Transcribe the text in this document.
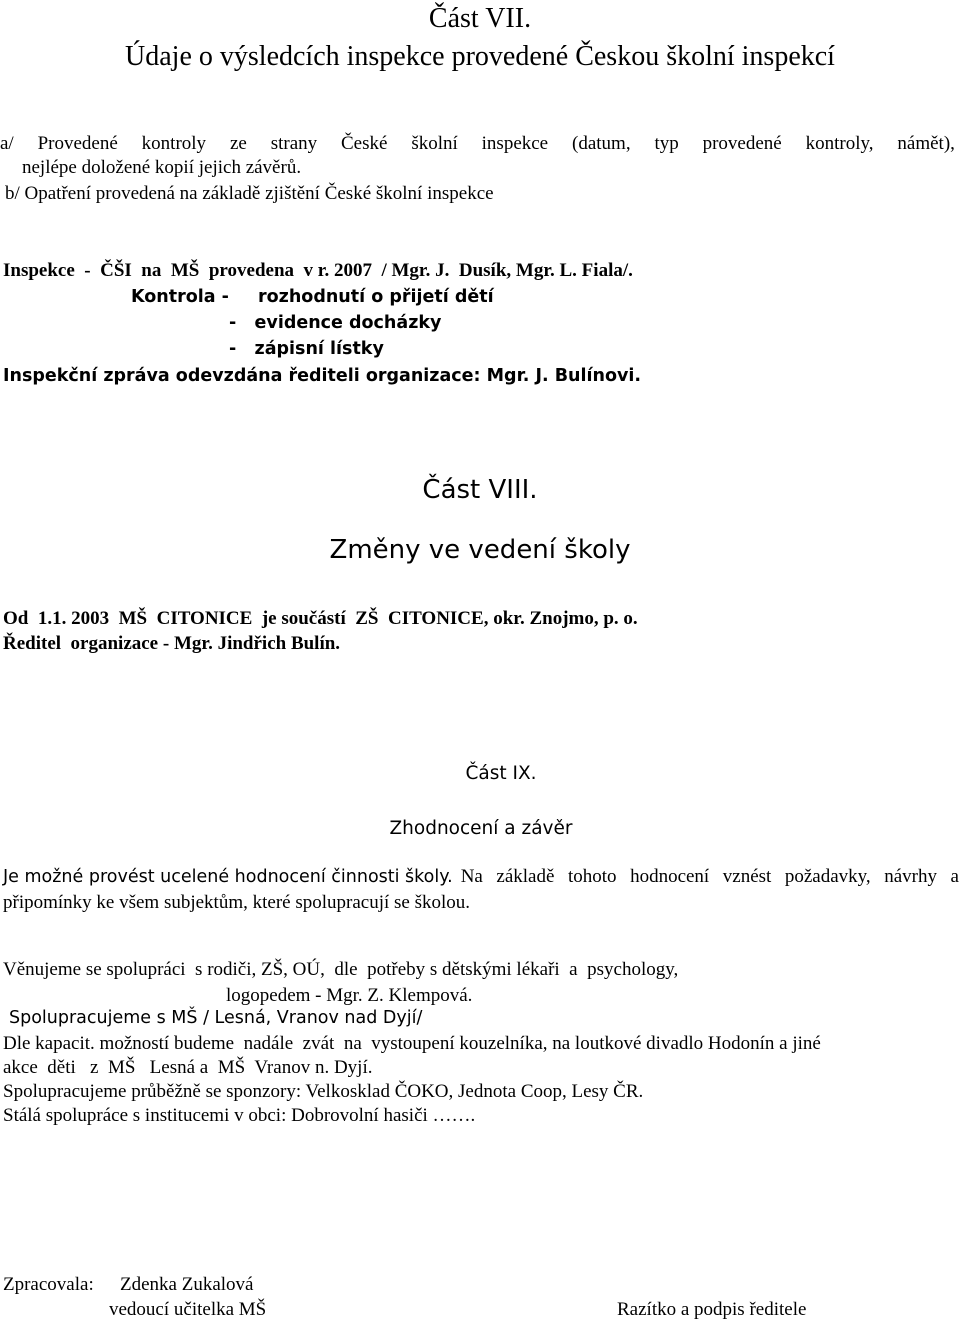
Část VII.
Údaje o výsledcích inspekce provedené Českou školní inspekcí
a/ Provedené kontroly ze strany České školní inspekce (datum, typ provedené kontroly, námět),
nejlépe doložené kopií jejich závěrů.
b/ Opatření provedená na základě zjištění České školní inspekce
Inspekce  -  ČŠI  na  MŠ  provedena  v r. 2007  / Mgr. J.  Dusík, Mgr. L. Fiala/.
Kontrola - rozhodnutí o přijetí dětí
-   evidence docházky
-   zápisní lístky
Inspekční zpráva odevzdána řediteli organizace: Mgr. J. Bulínovi.
Část VIII.
Změny ve vedení školy
Od  1.1. 2003  MŠ  CITONICE  je součástí  ZŠ  CITONICE, okr. Znojmo, p. o.
Ředitel  organizace - Mgr. Jindřich Bulín.
Část IX.
Zhodnocení a závěr
Je možné provést ucelené hodnocení činnosti školy. Na základě tohoto hodnocení vznést požadavky, návrhy a
připomínky ke všem subjektům, které spolupracují se školou.
Věnujeme se spolupráci  s rodiči, ZŠ, OÚ,  dle  potřeby s dětskými lékaři  a  psychology,
logopedem - Mgr. Z. Klempová.
Spolupracujeme s MŠ / Lesná, Vranov nad Dyjí/
Dle kapacit. možností budeme  nadále  zvát  na  vystoupení kouzelníka, na loutkové divadlo Hodonín a jiné
akce  děti   z  MŠ   Lesná a  MŠ  Vranov n. Dyjí.
Spolupracujeme průběžně se sponzory: Velkosklad ČOKO, Jednota Coop, Lesy ČR.
Stálá spolupráce s institucemi v obci: Dobrovolní hasiči …….
Zpracovala: Zdenka Zukalová
vedoucí učitelka MŠ	Razítko a podpis ředitele
